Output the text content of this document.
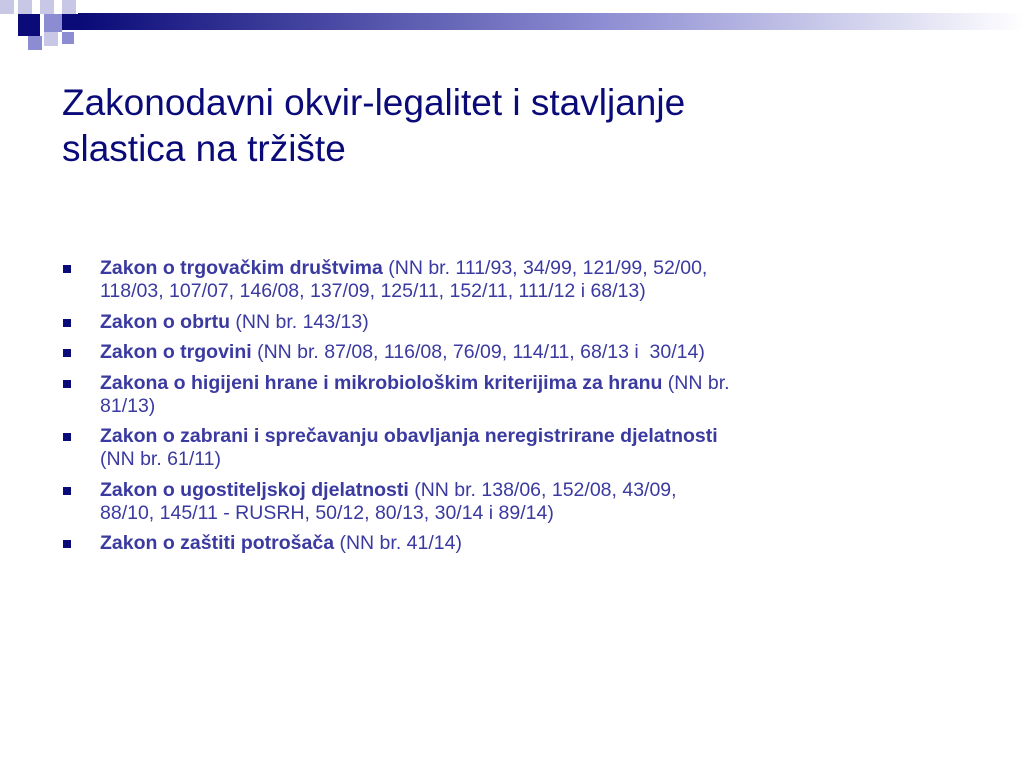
Zakonodavni okvir-legalitet i stavljanje
slastica na tržište
Zakon o trgovačkim društvima (NN br. 111/93, 34/99, 121/99, 52/00,
118/03, 107/07, 146/08, 137/09, 125/11, 152/11, 111/12 i 68/13)
Zakon o obrtu (NN br. 143/13)
Zakon o trgovini (NN br. 87/08, 116/08, 76/09, 114/11, 68/13 i  30/14)
Zakona o higijeni hrane i mikrobiološkim kriterijima za hranu (NN br.
81/13)
Zakon o zabrani i sprečavanju obavljanja neregistrirane djelatnosti
(NN br. 61/11)
Zakon o ugostiteljskoj djelatnosti (NN br. 138/06, 152/08, 43/09,
88/10, 145/11 - RUSRH, 50/12, 80/13, 30/14 i 89/14)
Zakon o zaštiti potrošača (NN br. 41/14)
